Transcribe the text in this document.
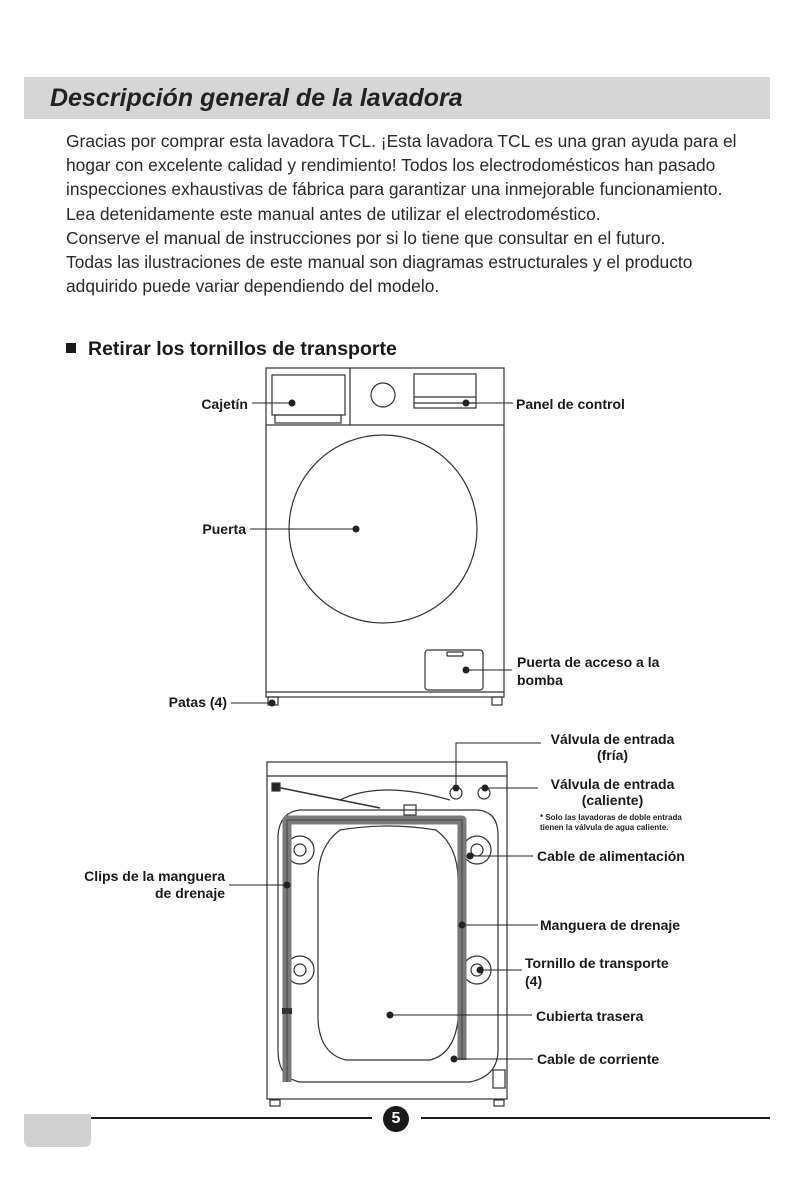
Descripción general de la lavadora

Gracias por comprar esta lavadora TCL. ¡Esta lavadora TCL es una gran ayuda para el hogar con excelente calidad y rendimiento! Todos los electrodomésticos han pasado inspecciones exhaustivas de fábrica para garantizar una inmejorable funcionamiento.

Lea detenidamente este manual antes de utilizar el electrodoméstico.

Conserve el manual de instrucciones por si lo tiene que consultar en el futuro.

Todas las ilustraciones de este manual son diagramas estructurales y el producto adquirido puede variar dependiendo del modelo.

Retirar los tornillos de transporte
Cajetín	Panel de control
Puerta
Puerta de acceso a la
bomba
Patas (4)
Válvula de entrada
(fría)
Válvula de entrada
(caliente)
* Solo las lavadoras de doble entrada tienen la válvula de agua caliente.
Cable de alimentación
Clips de la manguera
de drenaje
Manguera de drenaje
Tornillo de transporte
(4)
Cubierta trasera
Cable de corriente
5
